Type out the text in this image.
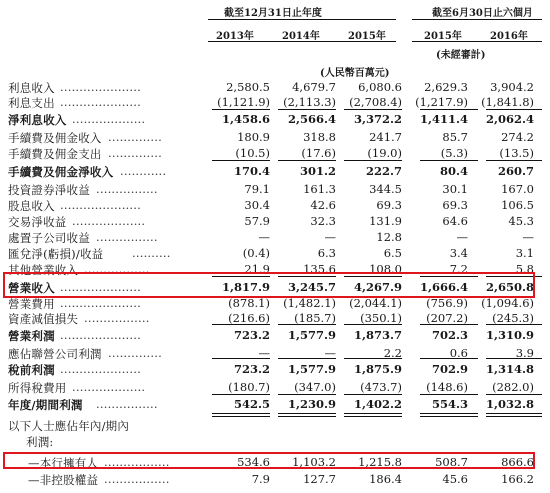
截至12月31日止年度	截至6月30日止六個月
2013年	2014年	2015年	2015年	2016年
(未經審計)
(人民幣百萬元)
利息收入 .....................	2,580.5	4,679.7	6,080.6	2,629.3	3,904.2
利息支出 .....................	(1,121.9)	(2,113.3)	(2,708.4)	(1,217.9)	(1,841.8)
淨利息收入 ...................	1,458.6	2,566.4	3,372.2	1,411.4	2,062.4
手續費及佣金收入 ..............	180.9	318.8	241.7	85.7	274.2
手續費及佣金支出 ..............	(10.5)	(17.6)	(19.0)	(5.3)	(13.5)
手續費及佣金淨收入 ............	170.4	301.2	222.7	80.4	260.7
投資證券淨收益 ................	79.1	161.3	344.5	30.1	167.0
股息收入 .....................	30.4	42.6	69.3	69.3	106.5
交易淨收益 ...................	57.9	32.3	131.9	64.6	45.3
處置子公司收益 ................	—	—	12.8	—	—
匯兌淨(虧損)/收益 ..........	(0.4)	6.3	6.5	3.4	3.1
其他營業收入 .................	21.9	135.6	108.0	7.2	5.8
營業收入 .....................	1,817.9	3,245.7	4,267.9	1,666.4	2,650.8
營業費用 .....................	(878.1)	(1,482.1)	(2,044.1)	(756.9)	(1,094.6)
資產減值損失 .................	(216.6)	(185.7)	(350.1)	(207.2)	(245.3)
營業利潤 .....................	723.2	1,577.9	1,873.7	702.3	1,310.9
應佔聯營公司利潤 ..............	—	—	2.2	0.6	3.9
稅前利潤 .....................	723.2	1,577.9	1,875.9	702.9	1,314.8
所得稅費用 ...................	(180.7)	(347.0)	(473.7)	(148.6)	(282.0)
年度/期間利潤 ................	542.5	1,230.9	1,402.2	554.3	1,032.8
以下人士應佔年內/期內
利潤:
—本行擁有人 .................	534.6	1,103.2	1,215.8	508.7	866.6
—非控股權益 .................	7.9	127.7	186.4	45.6	166.2
